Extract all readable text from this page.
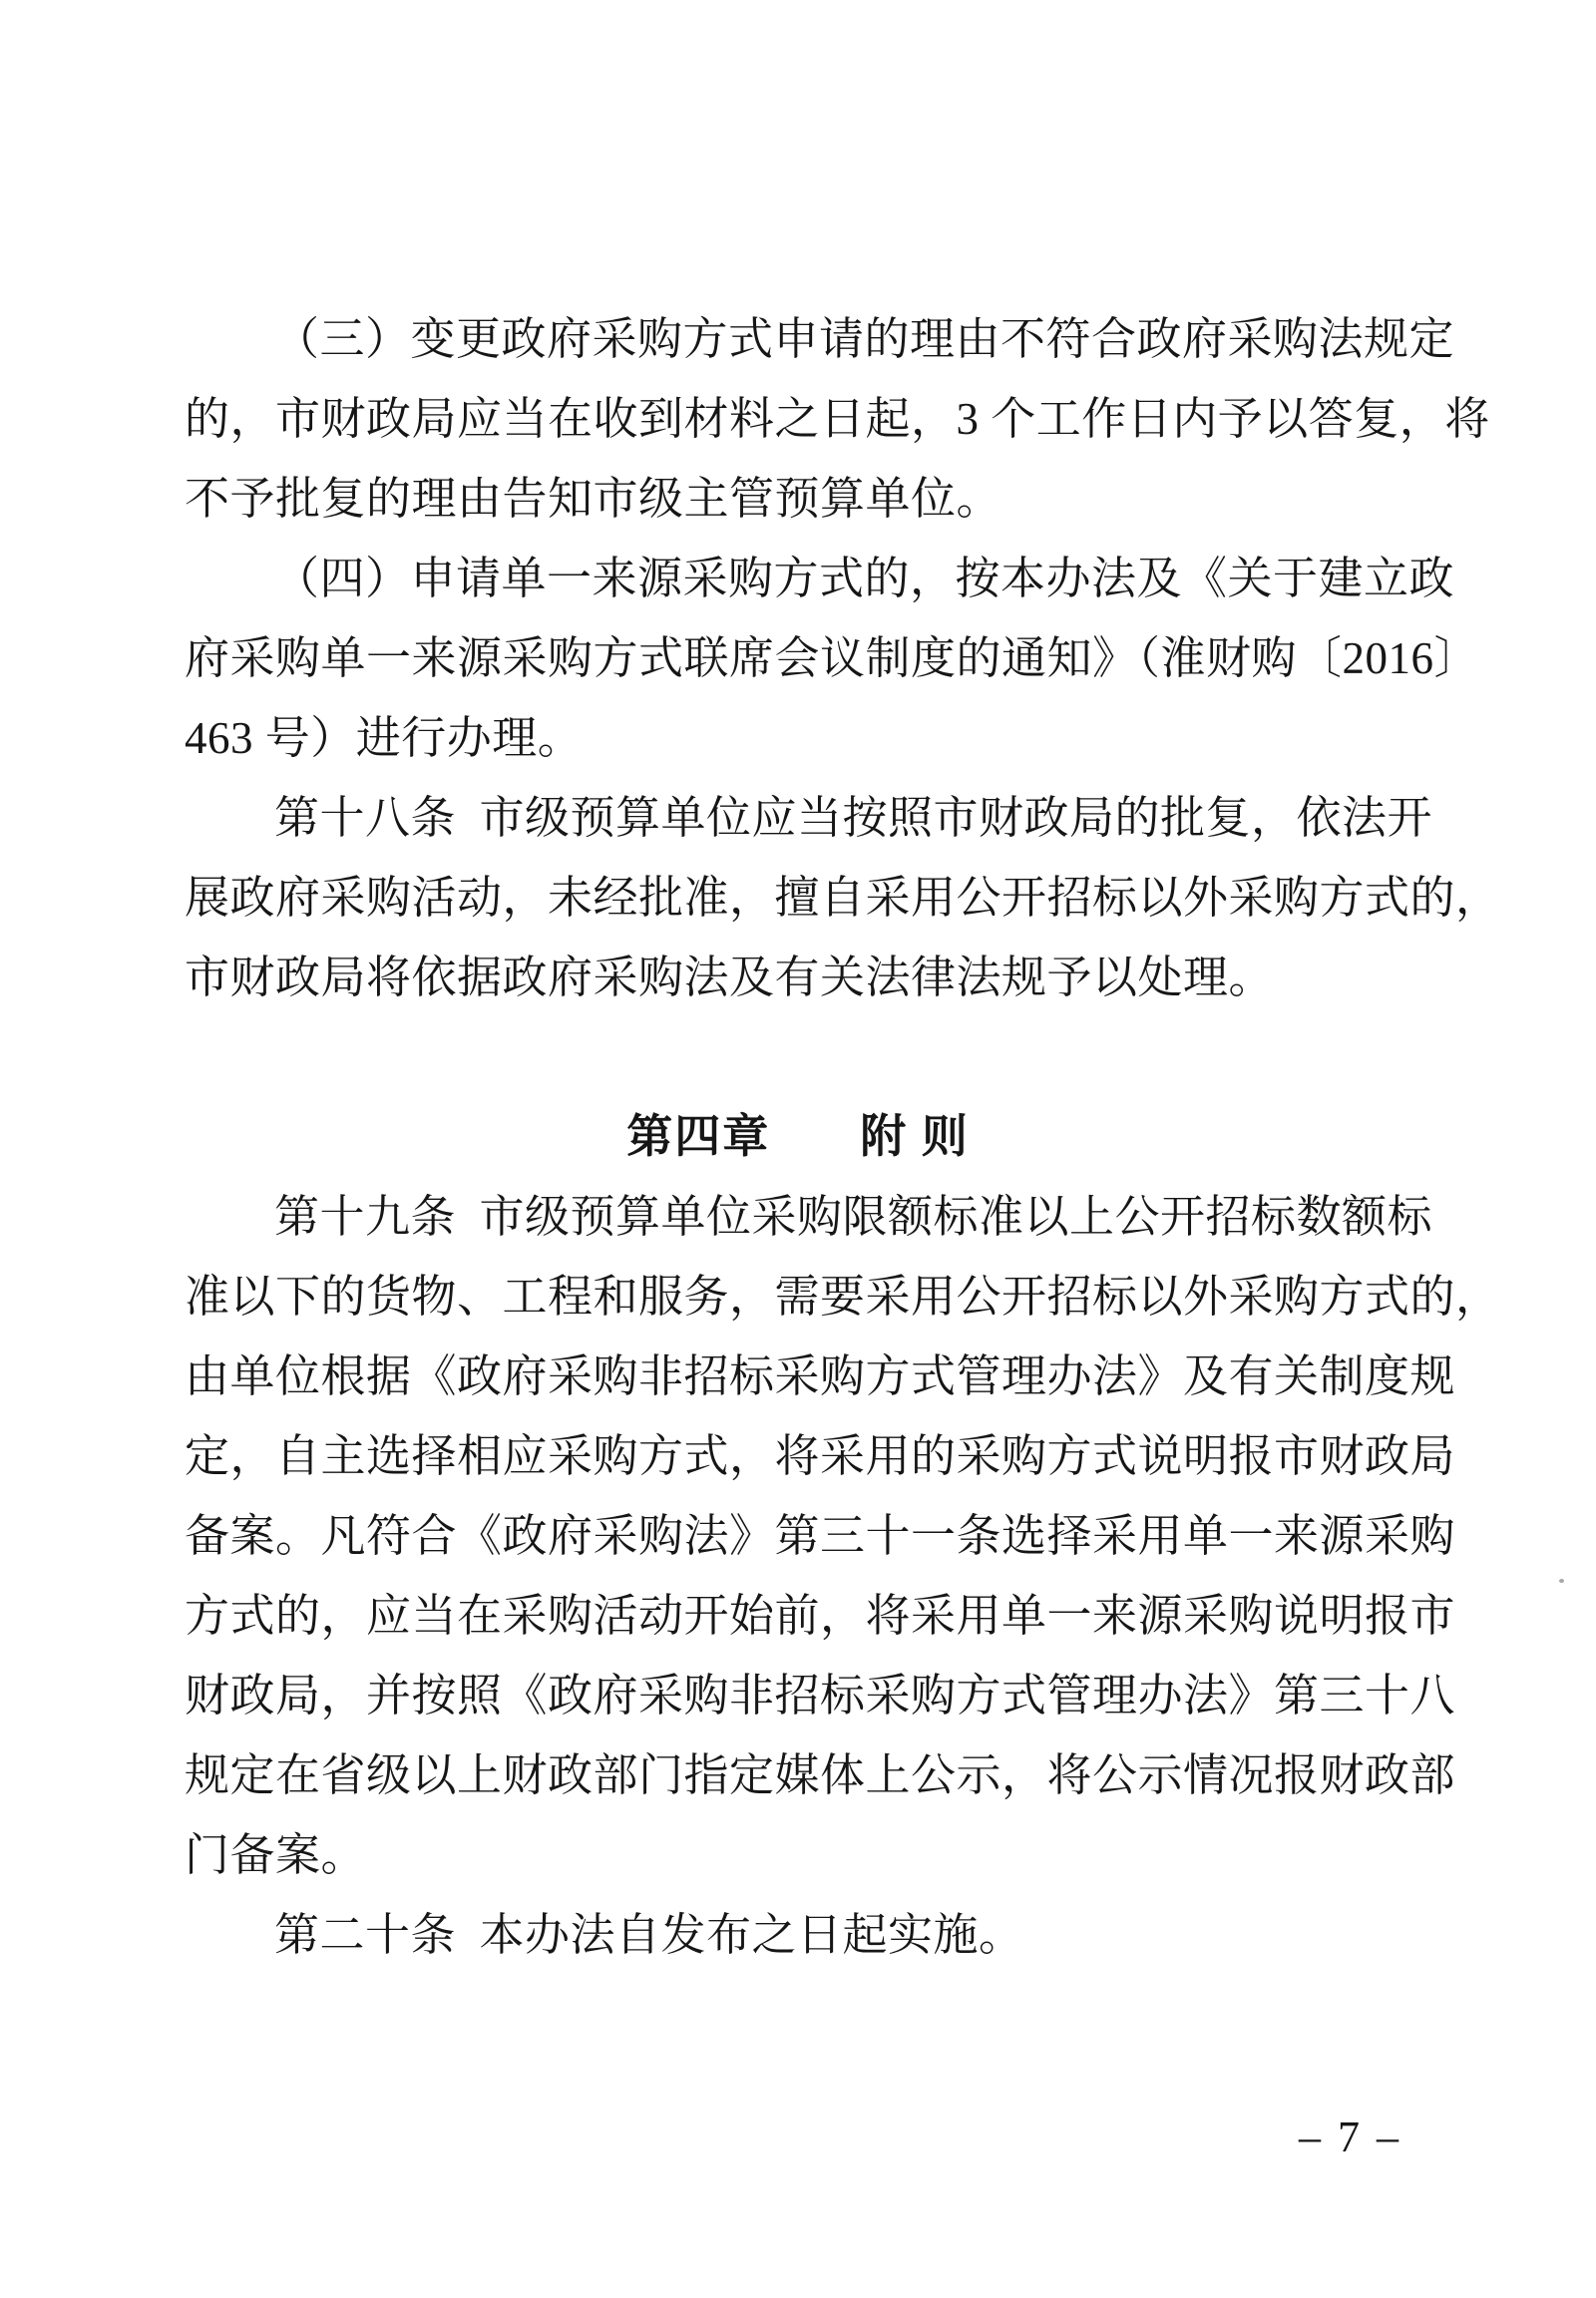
（三）变更政府采购方式申请的理由不符合政府采购法规定
的，市财政局应当在收到材料之日起，3 个工作日内予以答复，将
不予批复的理由告知市级主管预算单位。
（四）申请单一来源采购方式的，按本办法及《关于建立政
府采购单一来源采购方式联席会议制度的通知》（淮财购〔2016〕
463 号）进行办理。
第十八条  市级预算单位应当按照市财政局的批复，依法开
展政府采购活动，未经批准，擅自采用公开招标以外采购方式的，
市财政局将依据政府采购法及有关法律法规予以处理。
第四章 附 则
第十九条  市级预算单位采购限额标准以上公开招标数额标
准以下的货物、工程和服务，需要采用公开招标以外采购方式的，
由单位根据《政府采购非招标采购方式管理办法》及有关制度规
定，自主选择相应采购方式，将采用的采购方式说明报市财政局
备案。凡符合《政府采购法》第三十一条选择采用单一来源采购
方式的，应当在采购活动开始前，将采用单一来源采购说明报市
财政局，并按照《政府采购非招标采购方式管理办法》第三十八
规定在省级以上财政部门指定媒体上公示，将公示情况报财政部
门备案。
第二十条  本办法自发布之日起实施。
– 7 –
